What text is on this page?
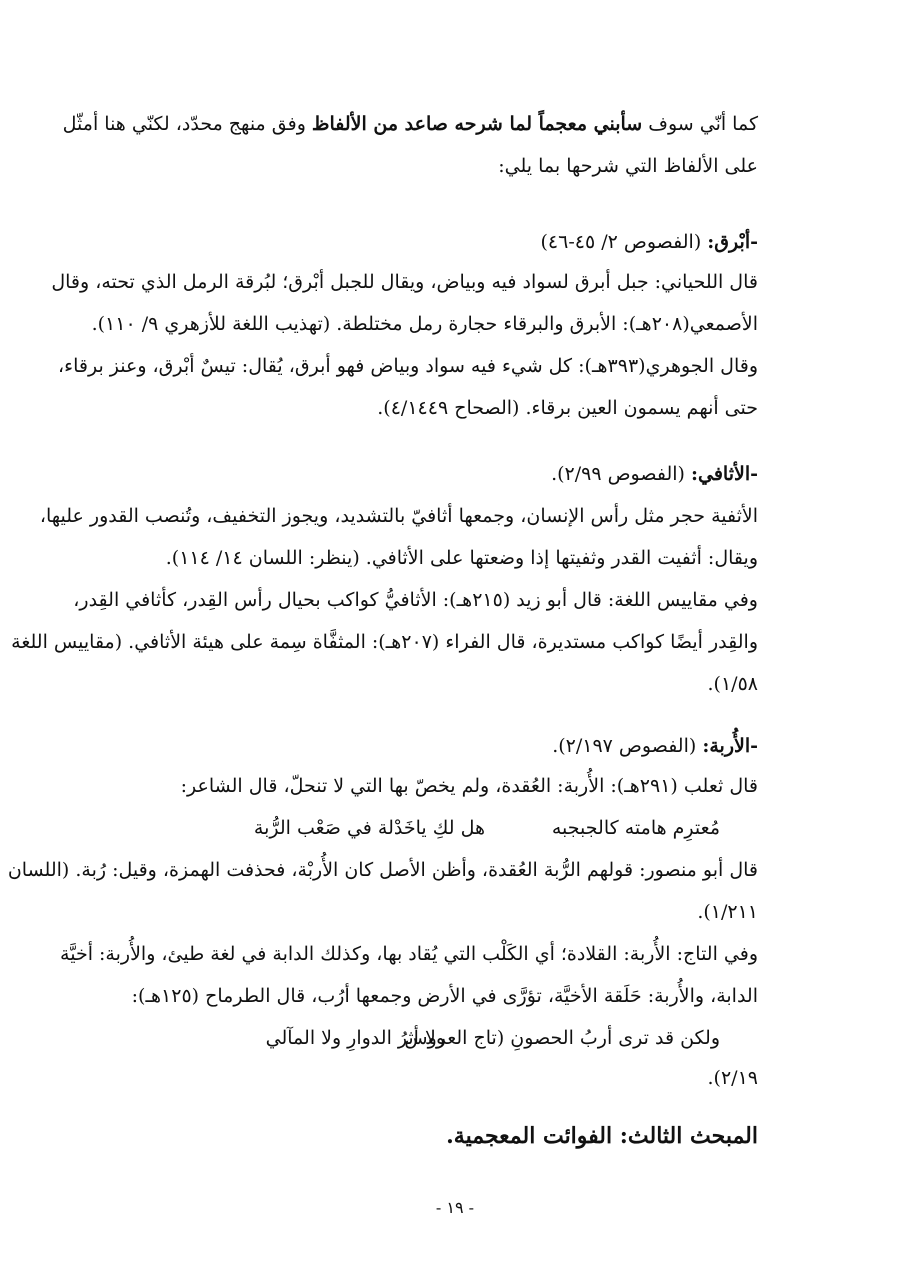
كما أنّي سوف سأبني معجماً لما شرحه صاعد من الألفاظ وفق منهج محدّد، لكنّي هنا أمثّل
على الألفاظ التي شرحها بما يلي:
-أبْرق: (الفصوص ٢/ ٤٥-٤٦)
قال اللحياني: جبل أبرق لسواد فيه وبياض، ويقال للجبل أبْرق؛ لبُرقة الرمل الذي تحته، وقال
الأصمعي(٢٠٨هـ): الأبرق والبرقاء حجارة رمل مختلطة. (تهذيب اللغة للأزهري ٩/ ١١٠).
وقال الجوهري(٣٩٣هـ): كل شيء فيه سواد وبياض فهو أبرق، يُقال: تيسٌ أبْرق، وعنز برقاء،
حتى أنهم يسمون العين برقاء. (الصحاح ٤/١٤٤٩).
-الأثافي: (الفصوص ٢/٩٩).
الأثفية حجر مثل رأس الإنسان، وجمعها أثافيّ بالتشديد، ويجوز التخفيف، وتُنصب القدور عليها،
ويقال: أثفيت القدر وثفيتها إذا وضعتها على الأثافي. (ينظر: اللسان ١٤/ ١١٤).
وفي مقاييس اللغة: قال أبو زيد (٢١٥هـ): الأثافيُّ كواكب بحيال رأس القِدر، كأثافي القِدر،
والقِدر أيضًا كواكب مستديرة، قال الفراء (٢٠٧هـ): المثفَّاة سِمة على هيئة الأثافي. (مقاييس اللغة
١/٥٨).
-الأُربة: (الفصوص ٢/١٩٧).
قال ثعلب (٢٩١هـ): الأُربة: العُقدة، ولم يخصّ بها التي لا تنحلّ، قال الشاعر:
هل لكِ ياخَدْلة في صَعْب الرُّبة	مُعترِم هامته كالجبجبه
قال أبو منصور: قولهم الرُّبة العُقدة، وأظن الأصل كان الأُربْة، فحذفت الهمزة، وقيل: رُبة. (اللسان
١/٢١١).
وفي التاج: الأُربة: القلادة؛ أي الكَلْب التي يُقاد بها، وكذلك الدابة في لغة طيئ، والأُربة: أخيَّة
الدابة، والأُربة: حَلَقة الأخيَّة، تؤرَّى في الأرض وجمعها أرُب، قال الطرماح (١٢٥هـ):
ولا أثرُ الدوارِ ولا المآلي
ولكن قد ترى أربُ الحصونِ (تاج العروس
٢/١٩).
المبحث الثالث: الفوائت المعجمية.
- ١٩ -
